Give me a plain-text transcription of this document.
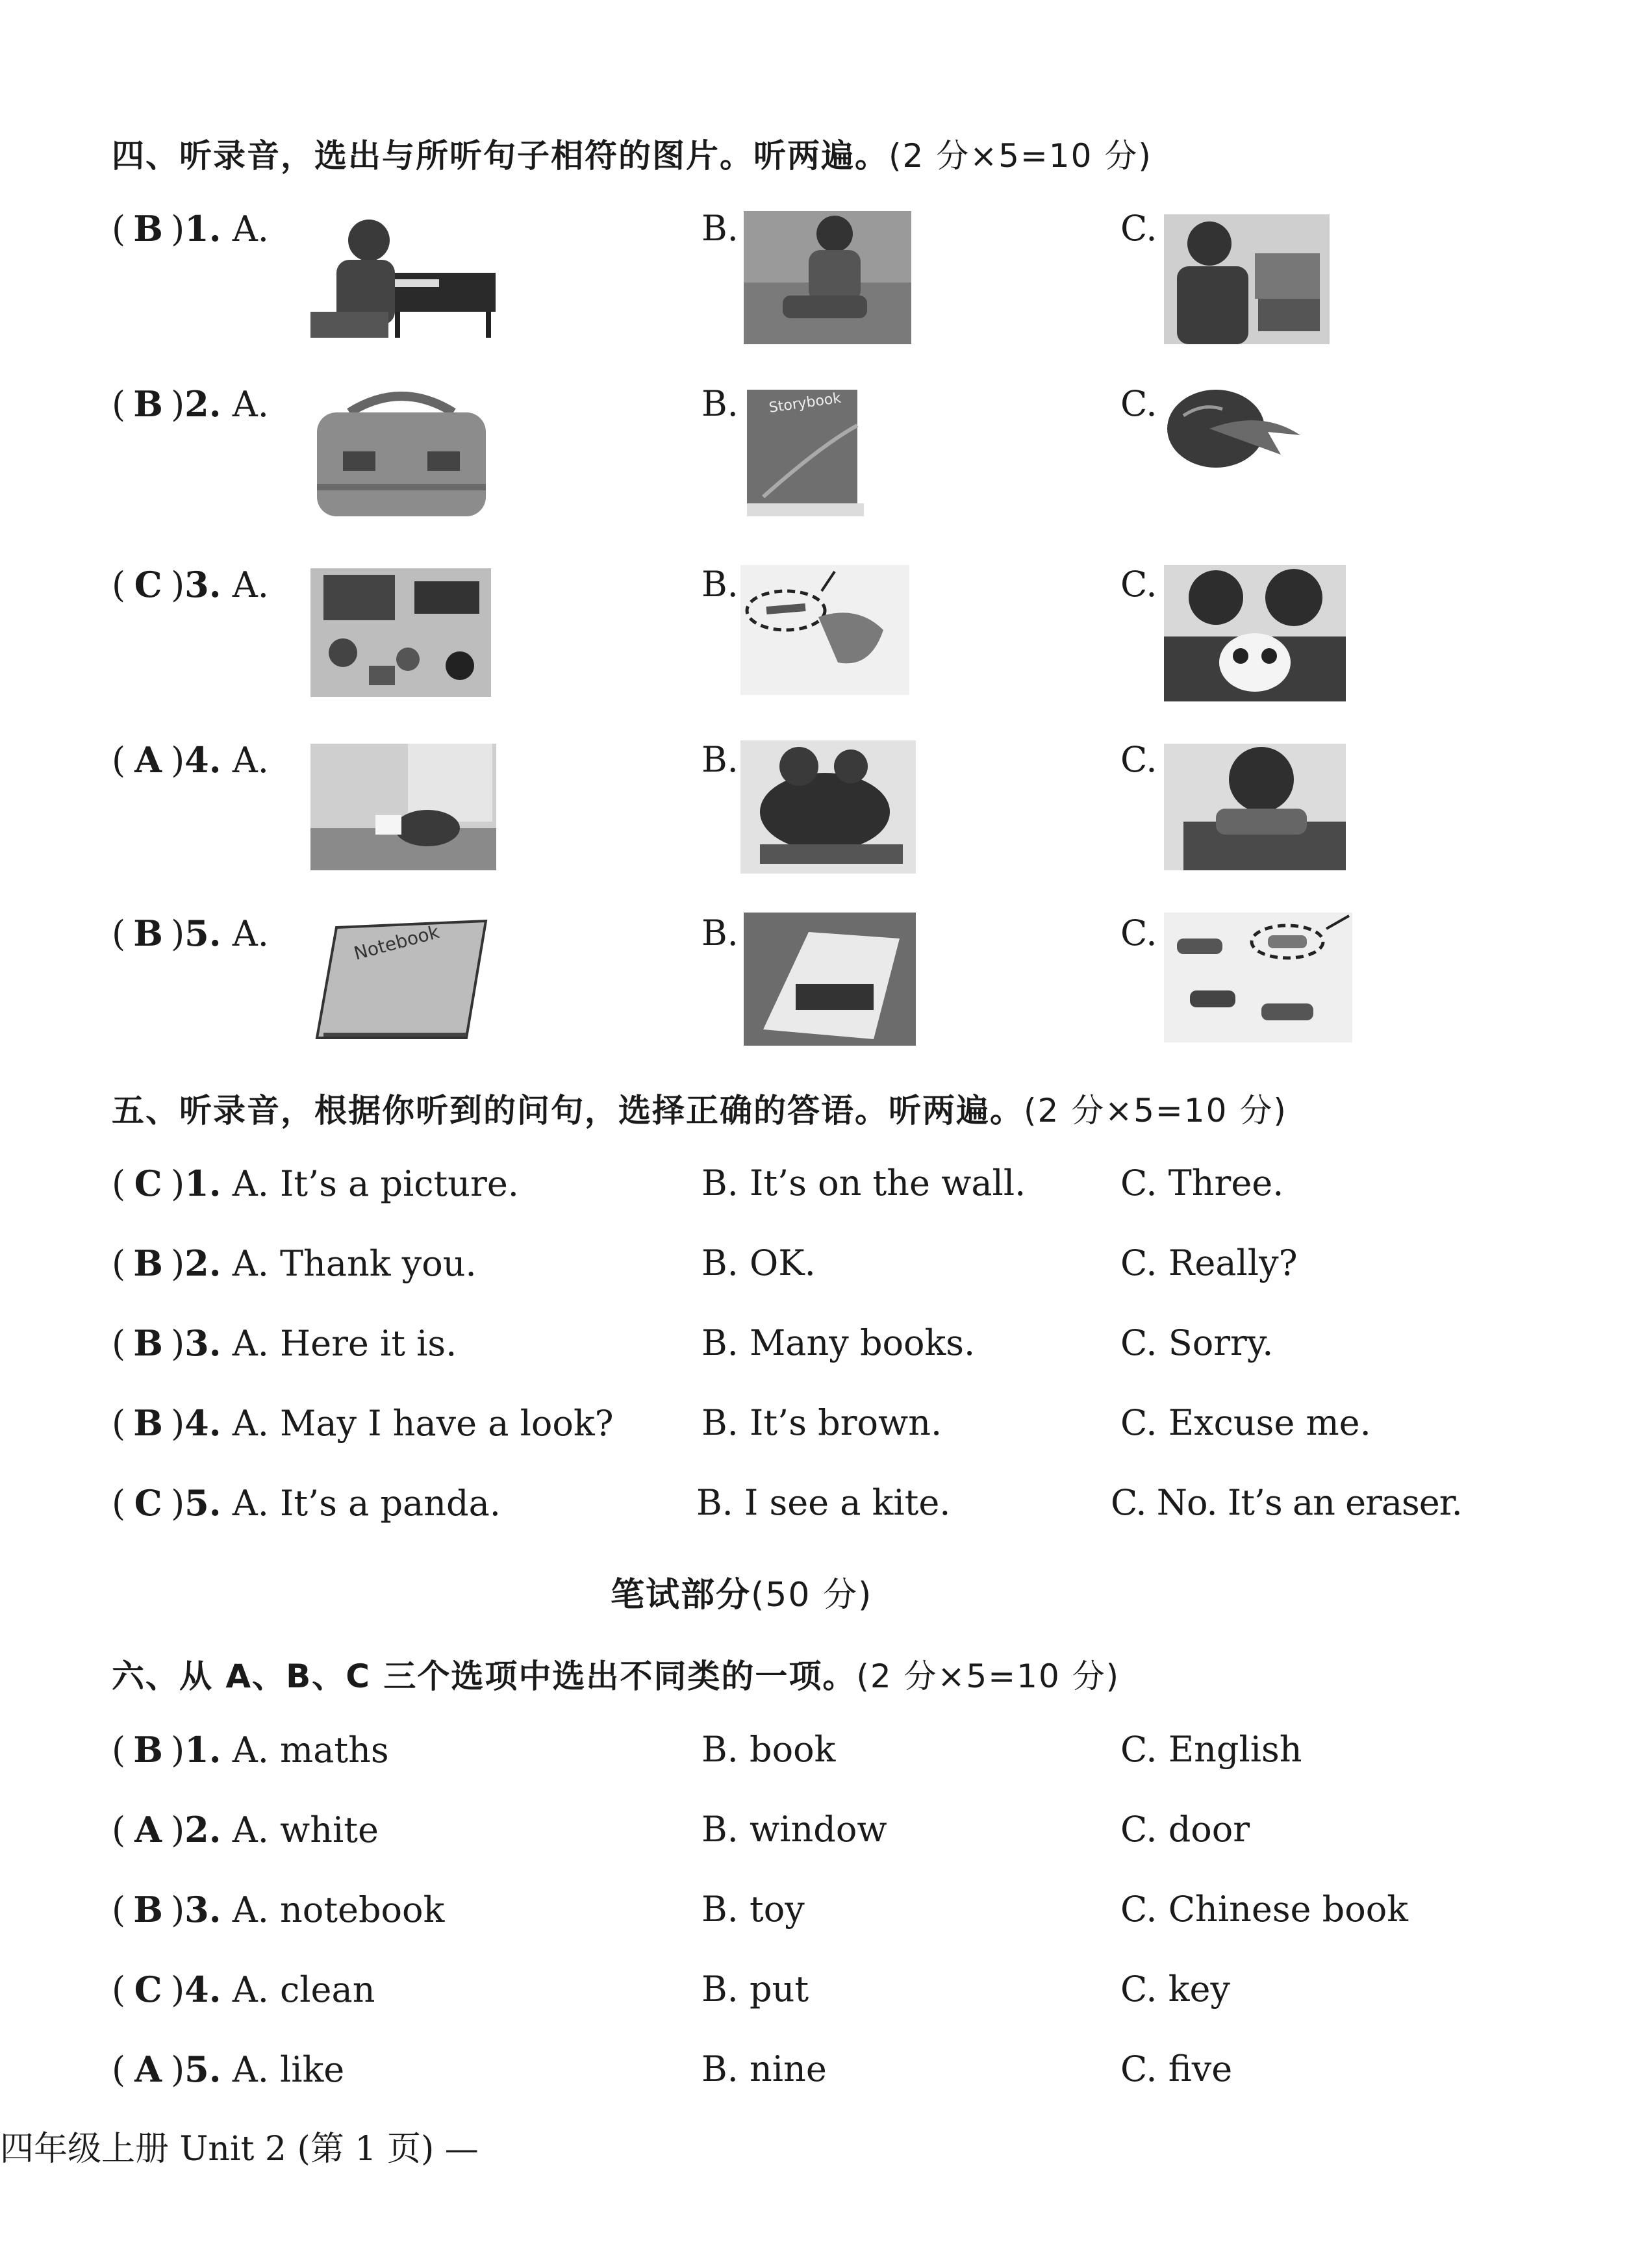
四、听录音，选出与所听句子相符的图片。听两遍。(2 分×5=10 分)
( B )1. A.	B.	C.
( B )2. A.	B.	C.
Storybook
( C )3. A.	B.	C.
( A )4. A.	B.	C.
( B )5. A.	B.	C.
Notebook
五、听录音，根据你听到的问句，选择正确的答语。听两遍。(2 分×5=10 分)
( C )1. A. It’s a picture.	B. It’s on the wall.	C. Three.
( B )2. A. Thank you.	B. OK.	C. Really?
( B )3. A. Here it is.	B. Many books.	C. Sorry.
( B )4. A. May I have a look?	B. It’s brown.	C. Excuse me.
( C )5. A. It’s a panda.	B. I see a kite.	C. No. It’s an eraser.
笔试部分(50 分)
六、从 A、B、C 三个选项中选出不同类的一项。(2 分×5=10 分)
( B )1. A. maths	B. book	C. English
( A )2. A. white	B. window	C. door
( B )3. A. notebook	B. toy	C. Chinese book
( C )4. A. clean	B. put	C. key
( A )5. A. like	B. nine	C. five
四年级上册 Unit 2 (第 1 页) —
